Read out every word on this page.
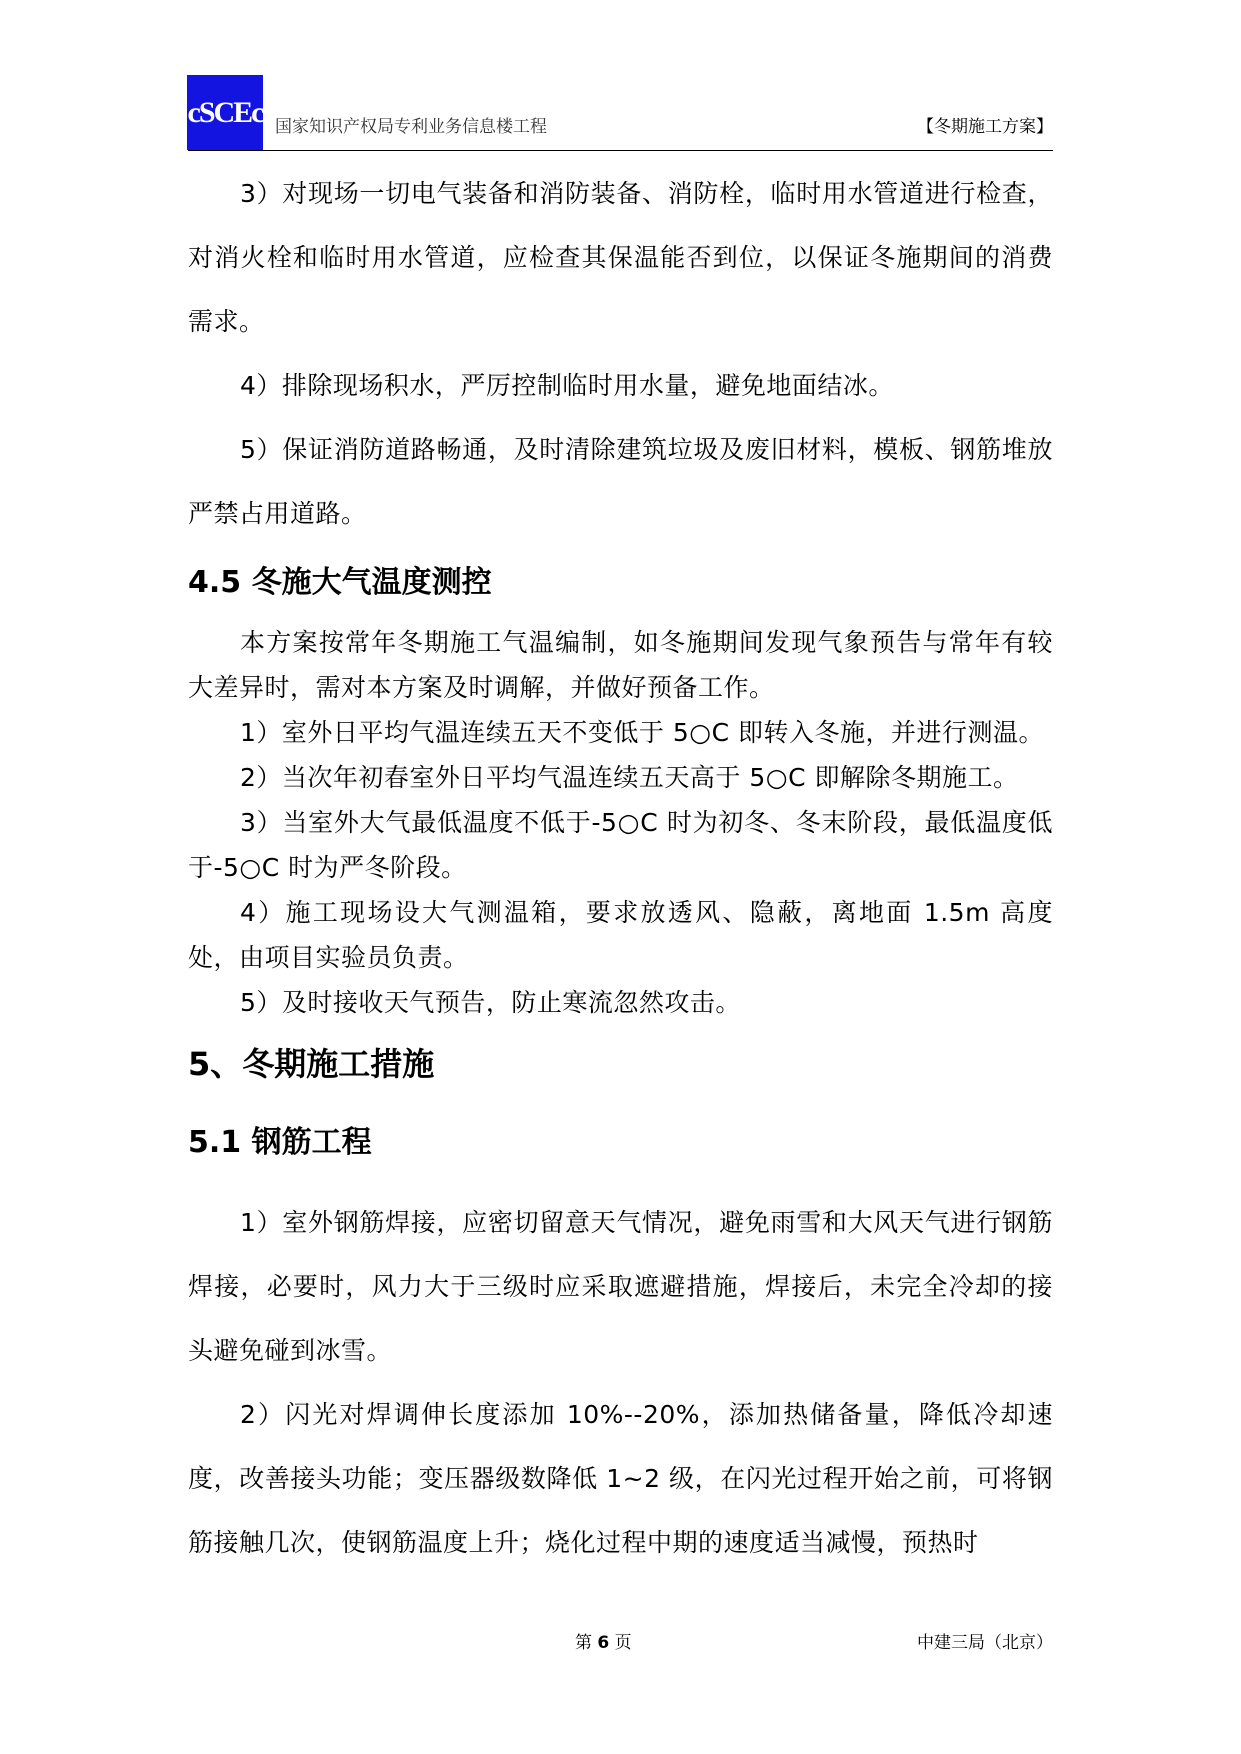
cSCEc 国家知识产权局专利业务信息楼工程	【冬期施工方案】

3）对现场一切电气装备和消防装备、消防栓，临时用水管道进行检查，对消火栓和临时用水管道，应检查其保温能否到位，以保证冬施期间的消费需求。

4）排除现场积水，严厉控制临时用水量，避免地面结冰。

5）保证消防道路畅通，及时清除建筑垃圾及废旧材料，模板、钢筋堆放严禁占用道路。

4.5 冬施大气温度测控

本方案按常年冬期施工气温编制，如冬施期间发现气象预告与常年有较大差异时，需对本方案及时调解，并做好预备工作。

1）室外日平均气温连续五天不变低于 5○C 即转入冬施，并进行测温。

2）当次年初春室外日平均气温连续五天高于 5○C 即解除冬期施工。

3）当室外大气最低温度不低于-5○C 时为初冬、冬末阶段，最低温度低于-5○C 时为严冬阶段。

4）施工现场设大气测温箱，要求放透风、隐蔽，离地面 1.5m 高度处，由项目实验员负责。

5）及时接收天气预告，防止寒流忽然攻击。

5、冬期施工措施
5.1 钢筋工程

1）室外钢筋焊接，应密切留意天气情况，避免雨雪和大风天气进行钢筋焊接，必要时，风力大于三级时应采取遮避措施，焊接后，未完全冷却的接头避免碰到冰雪。

2）闪光对焊调伸长度添加 10%--20%，添加热储备量，降低冷却速度，改善接头功能；变压器级数降低 1~2 级，在闪光过程开始之前，可将钢筋接触几次，使钢筋温度上升；烧化过程中期的速度适当减慢，预热时

第 6 页	中建三局（北京）
